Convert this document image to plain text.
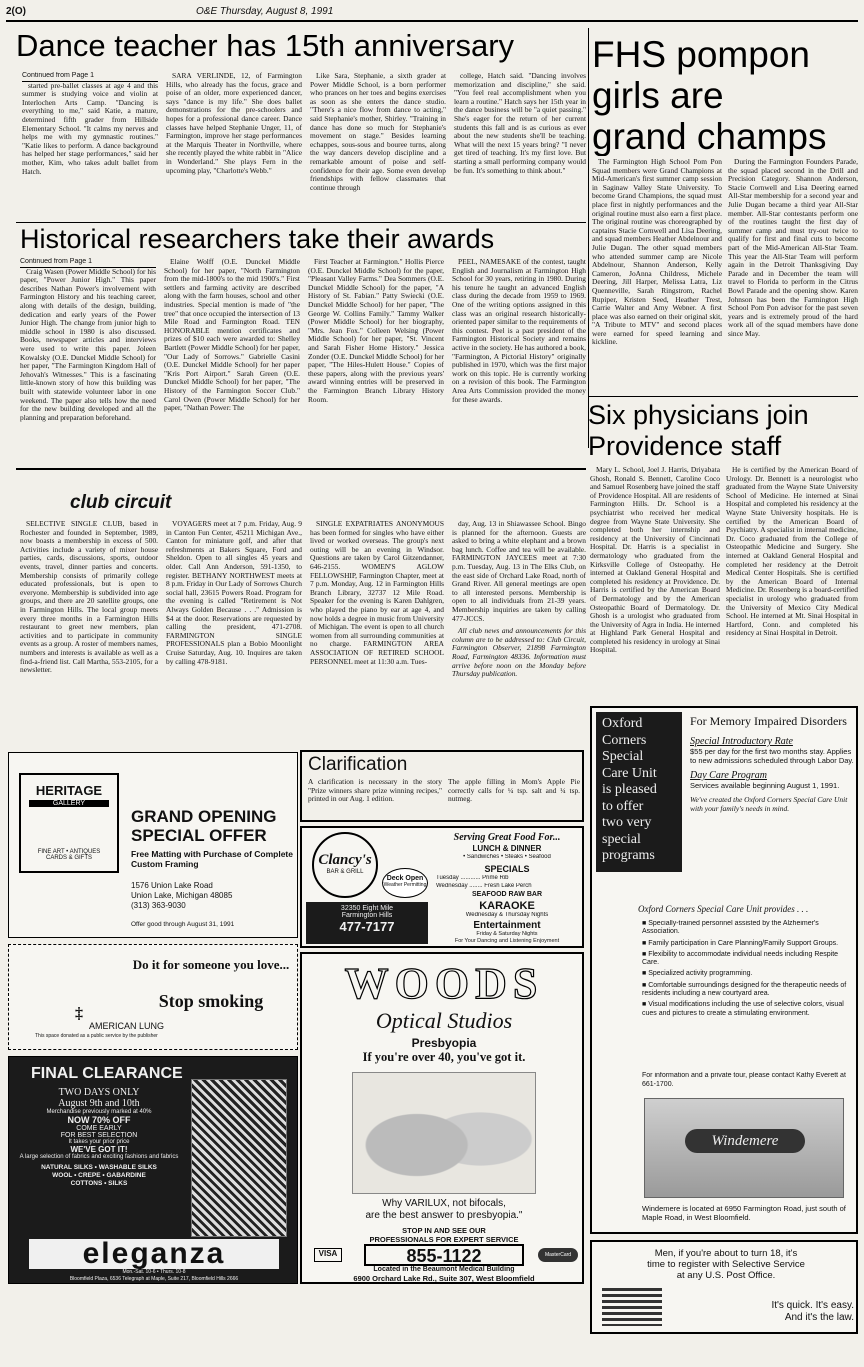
2(O)	O&E Thursday, August 8, 1991
Dance teacher has 15th anniversary

Continued from Page 1

started pre-ballet classes at age 4 and this summer is studying voice and violin at Interlochen Arts Camp. "Dancing is everything to me," said Katie, a mature, determined fifth grader from Hillside Elementary School. "It calms my nerves and helps me with my gymnastic routines." "Katie likes to perform. A dance background has helped her stage performances," said her mother, Kim, who takes adult ballet from Hatch.

SARA VERLINDE, 12, of Farmington Hills, who already has the focus, grace and poise of an older, more experienced dancer, says "dance is my life." She does ballet demonstrations for the pre-schoolers and hopes for a professional dance career. Dance classes have helped Stephanie Unger, 11, of Farmington, improve her stage performances at the Marquis Theater in Northville, where she recently played the white rabbit in "Alice in Wonderland." She plays Fern in the upcoming play, "Charlotte's Webb."

Like Sara, Stephanie, a sixth grader at Power Middle School, is a born performer who prances on her toes and begins exercises as soon as she enters the dance studio. "There's a nice flow from dance to acting," said Stephanie's mother, Shirley. "Training in dance has done so much for Stephanie's movement on stage." Besides learning echappes, sous-sous and bouree turns, along the way dancers develop discipline and a remarkable amount of poise and self-confidence for their age. Some even develop friendships with fellow classmates that continue through

college, Hatch said. "Dancing involves memorization and discipline," she said. "You feel real accomplishment when you learn a routine." Hatch says her 15th year in the dance business will be "a quiet passing." She's eager for the return of her current students this fall and is as curious as ever about the new students she'll be teaching. What will the next 15 years bring? "I never get tired of teaching. It's my first love. But starting a small performing company would be fun. It's something to think about."

FHS pompon
girls are
grand champs

The Farmington High School Pom Pon Squad members were Grand Champions at Mid-American's first summer camp session in Saginaw Valley State University. To become Grand Champions, the squad must place first in nightly performances and the original routine must also earn a first place. The original routine was choreographed by captains Stacie Cornwell and Lisa Deering, and squad members Heather Abdelnour and Julie Dugan. The other squad members who attended summer camp are Nicole Abdelnour, Shannon Anderson, Kelly Cameron, JoAnna Childress, Michele Deering, Jill Harper, Melissa Latra, Liz Quenneville, Sarah Ringstrom, Rachel Rupiper, Kristen Seed, Heather Trest, Carrie Walter and Amy Webner. A first place was also earned on their original skit, "A Tribute to MTV" and second places were earned for speed learning and kickline.

During the Farmington Founders Parade, the squad placed second in the Drill and Precision Category. Shannon Anderson, Stacie Cornwell and Lisa Deering earned All-Star membership for a second year and Julie Dugan became a third year All-Star member. All-Star contestants perform one of the routines taught the first day of summer camp and must try-out twice to qualify for first and final cuts to become part of the Mid-American All-Star Team. This year the All-Star Team will perform again in the Detroit Thanksgiving Day Parade and in December the team will travel to Florida to perform in the Citrus Bowl Parade and the opening show. Karen Johnson has been the Farmington High School Pom Pon advisor for the past seven years and is extremely proud of the hard work all of the squad members have done since May.

Historical researchers take their awards

Continued from Page 1

Craig Wasen (Power Middle School) for his paper, "Power Junior High." This paper describes Nathan Power's involvement with Farmington History and his teaching career, along with details of the design, building, dedication and early years of the Power Junior High. The change from junior high to middle school in 1980 is also discussed. Books, newspaper articles and interviews were used to write this paper. Joleen Kowalsky (O.E. Dunckel Middle School) for her paper, "The Farmington Kingdom Hall of Jehovah's Witnesses." This is a fascinating little-known story of how this building was built with statewide volunteer labor in one weekend. The paper also tells how the need for the new building developed and all the planning and preparation beforehand.

Elaine Wolff (O.E. Dunckel Middle School) for her paper, "North Farmington from the mid-1800's to the mid 1900's." First settlers and farming activity are described along with the farm houses, school and other industries. Special mention is made of "the tree" that once occupied the intersection of 13 Mile Road and Farmington Road. TEN HONORABLE mention certificates and prizes of $10 each were awarded to: Shelley Bartlett (Power Middle School) for her paper, "Our Lady of Sorrows." Gabrielle Casini (O.E. Dunckel Middle School) for her paper "Kris Port Airport." Sarah Green (O.E. Dunckel Middle School) for her paper, "The History of the Farmington Soccer Club." Carol Owen (Power Middle School) for her paper, "Nathan Power: The

First Teacher at Farmington." Hollis Pierce (O.E. Dunckel Middle School) for the paper, "Pleasant Valley Farms." Dea Sommers (O.E. Dunckel Middle School) for the paper, "A History of St. Fabian." Patty Swiecki (O.E. Dunckel Middle School) for her paper, "The George W. Collins Family." Tammy Walker (Power Middle School) for her biography, "Mrs. Jean Fox." Colleen Welsing (Power Middle School) for her paper, "St. Vincent and Sarah Fisher Home History." Jessica Zonder (O.E. Dunckel Middle School) for her paper, "The Hiles-Hulett House." Copies of these papers, along with the previous years' award winning entries will be preserved in the Farmington Branch Library History Room.

PEEL, NAMESAKE of the contest, taught English and Journalism at Farmington High School for 30 years, retiring in 1980. During his tenure he taught an advanced English class during the decade from 1959 to 1969. One of the writing options assigned in this class was an original research historically-oriented paper similar to the requirements of this contest. Peel is a past president of the Farmington Historical Society and remains active in the society. He has authored a book, "Farmington, A Pictorial History" originally published in 1970, which was the first major work on this topic. He is currently working on a revision of this book. The Farmington Area Arts Commission provided the money for these awards.

Six physicians join
Providence staff

Mary L. School, Joel J. Harris, Driyabata Ghosh, Ronald S. Bennett, Caroline Coco and Samuel Rosenberg have joined the staff of Providence Hospital. All are residents of Farmington Hills. Dr. School is a psychiatrist who received her medical degree from Wayne State University. She completed both her internship and residency at the University of Cincinnati Hospital. Dr. Harris is a specialist in dermatology who graduated from the Kirksville College of Osteopathy. He interned at Oakland General Hospital and completed his residency at Providence. Dr. Harris is certified by the American Board of Dermatology and by the American Osteopathic Board of Dermatology. Dr. Ghosh is a urologist who graduated from the University of Agra in India. He interned at Highland Park General Hospital and completed his residency in urology at Sinai Hospital.

He is certified by the American Board of Urology. Dr. Bennett is a neurologist who graduated from the Wayne State University School of Medicine. He interned at Sinai Hospital and completed his residency at the Wayne State University hospitals. He is certified by the American Board of Psychiatry. A specialist in internal medicine, Dr. Coco graduated from the College of Osteopathic Medicine and Surgery. She interned at Oakland General Hospital and completed her residency at the Detroit Medical Center Hospitals. She is certified by the American Board of Internal Medicine. Dr. Rosenberg is a board-certified specialist in urology who graduated from the University of Mexico City Medical School. He interned at Mt. Sinai Hospital in Hartford, Conn. and completed his residency at Sinai Hospital in Detroit.

club circuit

SELECTIVE SINGLE CLUB, based in Rochester and founded in September, 1989, now boasts a membership in excess of 500. Activities include a variety of mixer house parties, cards, discussions, sports, outdoor events, travel, dinner parties and concerts. Membership consists of primarily college educated professionals, but is open to everyone. Membership is subdivided into age groups, and there are 20 satellite groups, one in Farmington Hills. The local group meets every three months in a Farmington Hills restaurant to greet new members, plan activities and to participate in community events as a group. A roster of members names, numbers and interests is available as well as a find-a-friend list. Call Martha, 553-2105, for a newsletter.

VOYAGERS meet at 7 p.m. Friday, Aug. 9 in Canton Fun Center, 45211 Michigan Ave., Canton for miniature golf, and after that refreshments at Bakers Square, Ford and Sheldon. Open to all singles 45 years and older. Call Ann Anderson, 591-1350, to register. BETHANY NORTHWEST meets at 8 p.m. Friday in Our Lady of Sorrows Church social hall, 23615 Powers Road. Program for the evening is called "Retirement is Not Always Golden Because . . ." Admission is $4 at the door. Reservations are requested by calling the president, 471-2708. FARMINGTON SINGLE PROFESSIONALS plan a Bobio Moonlight Cruise Saturday, Aug. 10. Inquires are taken by calling 478-9181.

SINGLE EXPATRIATES ANONYMOUS has been formed for singles who have either lived or worked overseas. The group's next outing will be an evening in Windsor. Questions are taken by Carol Gitzendanner, 646-2155. WOMEN'S AGLOW FELLOWSHIP, Farmington Chapter, meet at 7 p.m. Monday, Aug. 12 in Farmington Hills Branch Library, 32737 12 Mile Road. Speaker for the evening is Karen Dahlgren, who played the piano by ear at age 4, and now holds a degree in music from University of Michigan. The event is open to all church women from all surrounding communities at no charge. FARMINGTON AREA ASSOCIATION OF RETIRED SCHOOL PERSONNEL meet at 11:30 a.m. Tues-

day, Aug. 13 in Shiawassee School. Bingo is planned for the afternoon. Guests are asked to bring a white elephant and a brown bag lunch. Coffee and tea will be available. FARMINGTON JAYCEES meet at 7:30 p.m. Tuesday, Aug. 13 in The Elks Club, on the east side of Orchard Lake Road, north of Grand River. All general meetings are open to all interested persons. Membership is open to all individuals from 21-39 years. Membership inquiries are taken by calling 477-JCCS.

All club news and announcements for this column are to be addressed to: Club Circuit, Farmington Observer, 21898 Farmington Road, Farmington 48336. Information must arrive before noon on the Monday before Thursday publication.

HERITAGE
GALLERY
FINE ART • ANTIQUES
CARDS & GIFTS
GRAND OPENING
SPECIAL OFFER
Free Matting with Purchase of Complete Custom Framing
1576 Union Lake Road
Union Lake, Michigan 48085
(313) 363-9030
Offer good through August 31, 1991
Clarification
A clarification is necessary in the story "Prize winners share prize winning recipes," printed in our Aug. 1 edition.
The apple filling in Mom's Apple Pie correctly calls for ¼ tsp. salt and ¼ tsp. nutmeg.
Serving Great Food For...
LUNCH & DINNER
• Sandwiches • Steaks • Seafood
SPECIALS
Tuesday ............ Prime Rib
Wednesday ........ Fresh Lake Perch
SEAFOOD RAW BAR
KARAOKE
Wednesday & Thursday Nights
Entertainment
Friday & Saturday Nights
For Your Dancing and Listening Enjoyment
Clancy's
BAR & GRILL
Deck Open
Weather Permitting
32350 Eight Mile
Farmington Hills
477-7177
Do it for someone you love...
Stop smoking
AMERICAN LUNG
This space donated as a public service by the publisher
‡
WOODS
Optical Studios
Presbyopia
If you're over 40, you've got it.
Why VARILUX, not bifocals,
are the best answer to presbyopia."
STOP IN AND SEE OUR
PROFESSIONALS FOR EXPERT SERVICE
VISA	855-1122	MasterCard
Located in the Beaumont Medical Building
6900 Orchard Lake Rd., Suite 307, West Bloomfield
FINAL CLEARANCE
TWO DAYS ONLY
August 9th and 10th
Merchandise previously marked at 40%
NOW 70% OFF
COME EARLY
FOR BEST SELECTION
It takes your prior price
WE'VE GOT IT!
A large selection of fabrics and exciting fashions and fabrics
NATURAL SILKS • WASHABLE SILKS
WOOL • CREPE • GABARDINE
COTTONS • SILKS
eleganza
Mon.-Sat. 10-6 • Thurs. 10-8
Bloomfield Plaza, 6536 Telegraph at Maple, Suite 217, Bloomfield Hills 2666
Oxford
Corners
Special
Care Unit
is pleased
to offer
two very
special
programs
For Memory Impaired Disorders
Special Introductory Rate
$55 per day for the first two months stay. Applies to new admissions scheduled through Labor Day.
Day Care Program
Services available beginning August 1, 1991.
We've created the Oxford Corners Special Care Unit with your family's needs in mind.
Oxford Corners Special Care Unit provides . . .
■ Specially-trained personnel assisted by the Alzheimer's Association.
■ Family participation in Care Planning/Family Support Groups.
■ Flexibility to accommodate individual needs including Respite Care.
■ Specialized activity programming.
■ Comfortable surroundings designed for the therapeutic needs of residents including a new courtyard area.
■ Visual modifications including the use of selective colors, visual cues and pictures to create a stimulating environment.
For information and a private tour, please contact Kathy Everett at 661-1700.
Windemere
Windemere is located at 6950 Farmington Road, just south of Maple Road, in West Bloomfield.
Men, if you're about to turn 18, it's
time to register with Selective Service
at any U.S. Post Office.
It's quick. It's easy.
And it's the law.
